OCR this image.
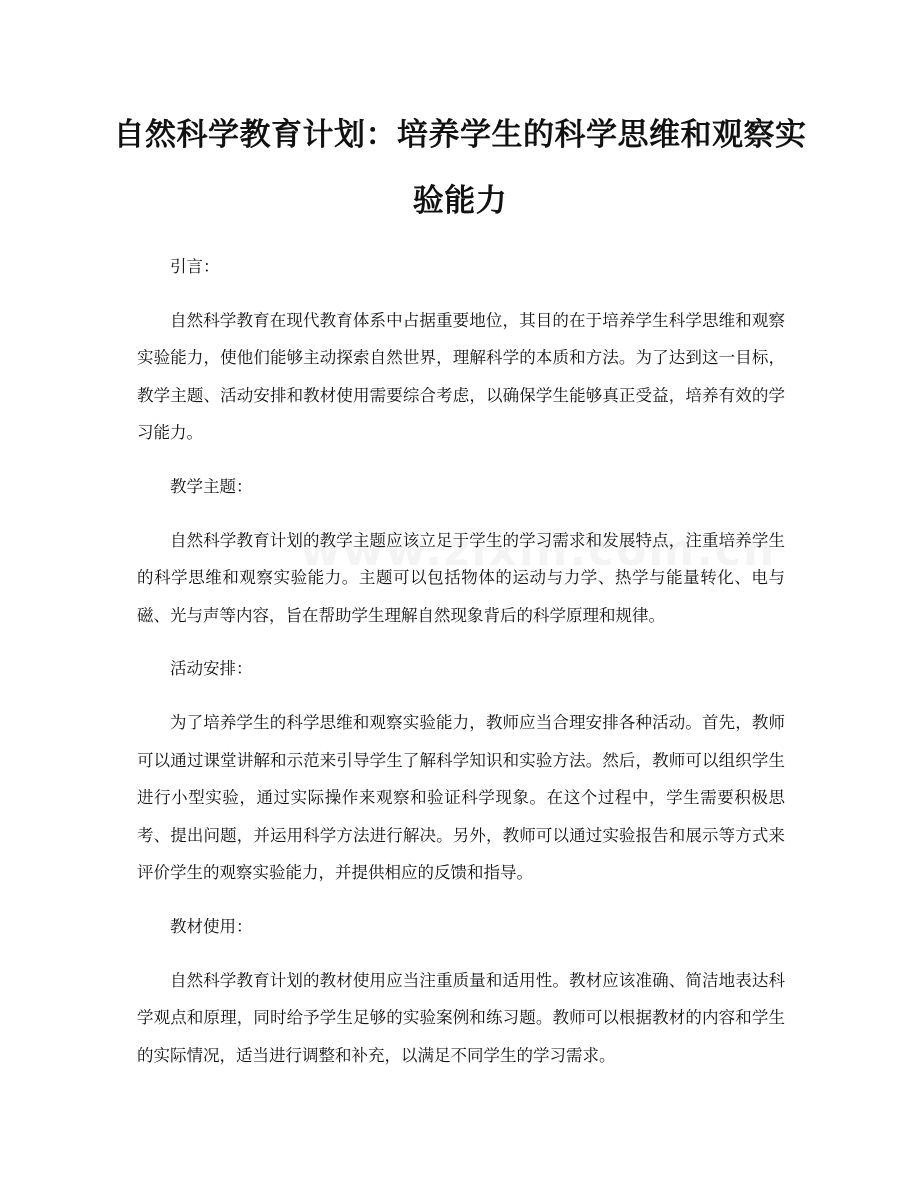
自然科学教育计划：培养学生的科学思维和观察实验能力

引言：

自然科学教育在现代教育体系中占据重要地位，其目的在于培养学生科学思维和观察实验能力，使他们能够主动探索自然世界，理解科学的本质和方法。为了达到这一目标，教学主题、活动安排和教材使用需要综合考虑，以确保学生能够真正受益，培养有效的学习能力。

教学主题：

自然科学教育计划的教学主题应该立足于学生的学习需求和发展特点，注重培养学生的科学思维和观察实验能力。主题可以包括物体的运动与力学、热学与能量转化、电与磁、光与声等内容，旨在帮助学生理解自然现象背后的科学原理和规律。

活动安排：

为了培养学生的科学思维和观察实验能力，教师应当合理安排各种活动。首先，教师可以通过课堂讲解和示范来引导学生了解科学知识和实验方法。然后，教师可以组织学生进行小型实验，通过实际操作来观察和验证科学现象。在这个过程中，学生需要积极思考、提出问题，并运用科学方法进行解决。另外，教师可以通过实验报告和展示等方式来评价学生的观察实验能力，并提供相应的反馈和指导。

教材使用：

自然科学教育计划的教材使用应当注重质量和适用性。教材应该准确、简洁地表达科学观点和原理，同时给予学生足够的实验案例和练习题。教师可以根据教材的内容和学生的实际情况，适当进行调整和补充，以满足不同学生的学习需求。
